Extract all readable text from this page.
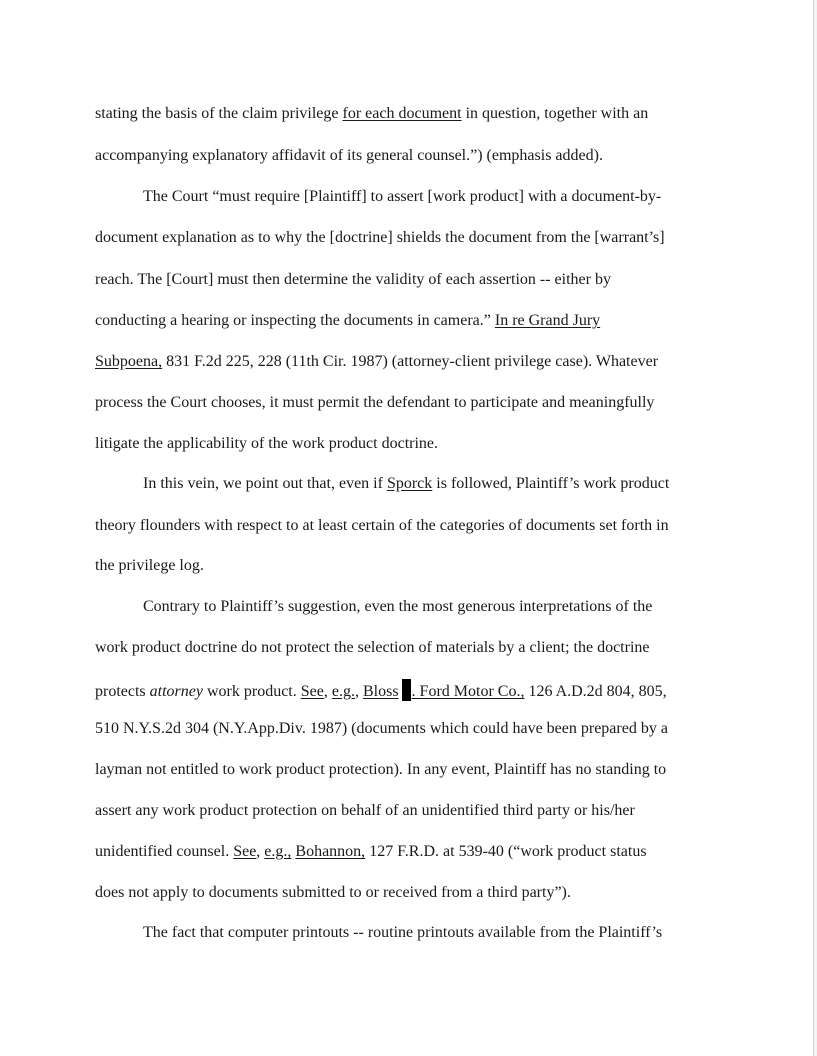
stating the basis of the claim privilege for each document in question, together with an
accompanying explanatory affidavit of its general counsel.”) (emphasis added).
The Court “must require [Plaintiff] to assert [work product] with a document-by-
document explanation as to why the [doctrine] shields the document from the [warrant’s]
reach. The [Court] must then determine the validity of each assertion -- either by
conducting a hearing or inspecting the documents in camera.” In re Grand Jury
Subpoena, 831 F.2d 225, 228 (11th Cir. 1987) (attorney-client privilege case). Whatever
process the Court chooses, it must permit the defendant to participate and meaningfully
litigate the applicability of the work product doctrine.
In this vein, we point out that, even if Sporck is followed, Plaintiff’s work product
theory flounders with respect to at least certain of the categories of documents set forth in
the privilege log.
Contrary to Plaintiff’s suggestion, even the most generous interpretations of the
work product doctrine do not protect the selection of materials by a client; the doctrine
protects attorney work product. See, e.g., Bloss . Ford Motor Co., 126 A.D.2d 804, 805,
510 N.Y.S.2d 304 (N.Y.App.Div. 1987) (documents which could have been prepared by a
layman not entitled to work product protection). In any event, Plaintiff has no standing to
assert any work product protection on behalf of an unidentified third party or his/her
unidentified counsel. See, e.g., Bohannon, 127 F.R.D. at 539-40 (“work product status
does not apply to documents submitted to or received from a third party”).
The fact that computer printouts -- routine printouts available from the Plaintiff’s
